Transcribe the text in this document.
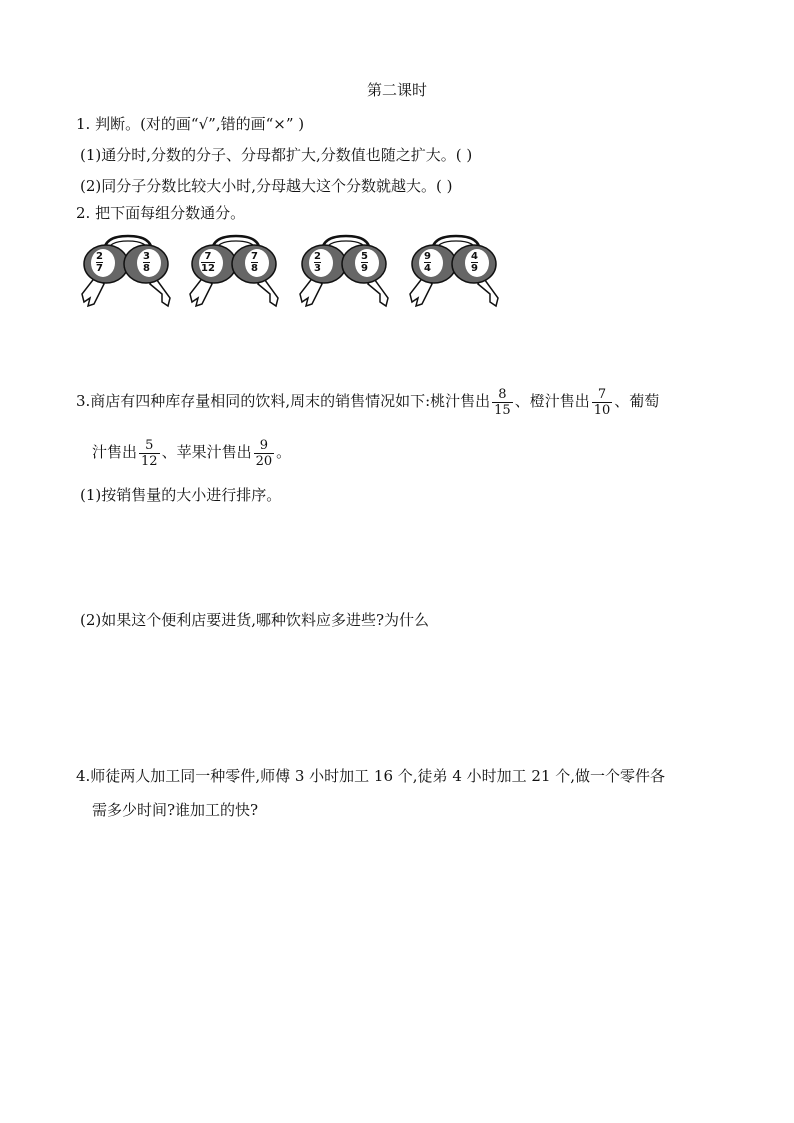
第二课时
1. 判断。(对的画“√”,错的画“×” )
(1)通分时,分数的分子、分母都扩大,分数值也随之扩大。( )
(2)同分子分数比较大小时,分母越大这个分数就越大。( )
2. 把下面每组分数通分。
2
7
3
8
7
12
7
8
2
3
5
9
9
4
4
9
3.商店有四种库存量相同的饮料,周末的销售情况如下:桃汁售出 $\frac{8}{15}$ 、橙汁售出 $\frac{7}{10}$ 、葡萄
汁售出 $\frac{5}{12}$ 、苹果汁售出 $\frac{9}{20}$ 。
(1)按销售量的大小进行排序。
(2)如果这个便利店要进货,哪种饮料应多进些?为什么
4.师徒两人加工同一种零件,师傅 3 小时加工 16 个,徒弟 4 小时加工 21 个,做一个零件各
需多少时间?谁加工的快?
